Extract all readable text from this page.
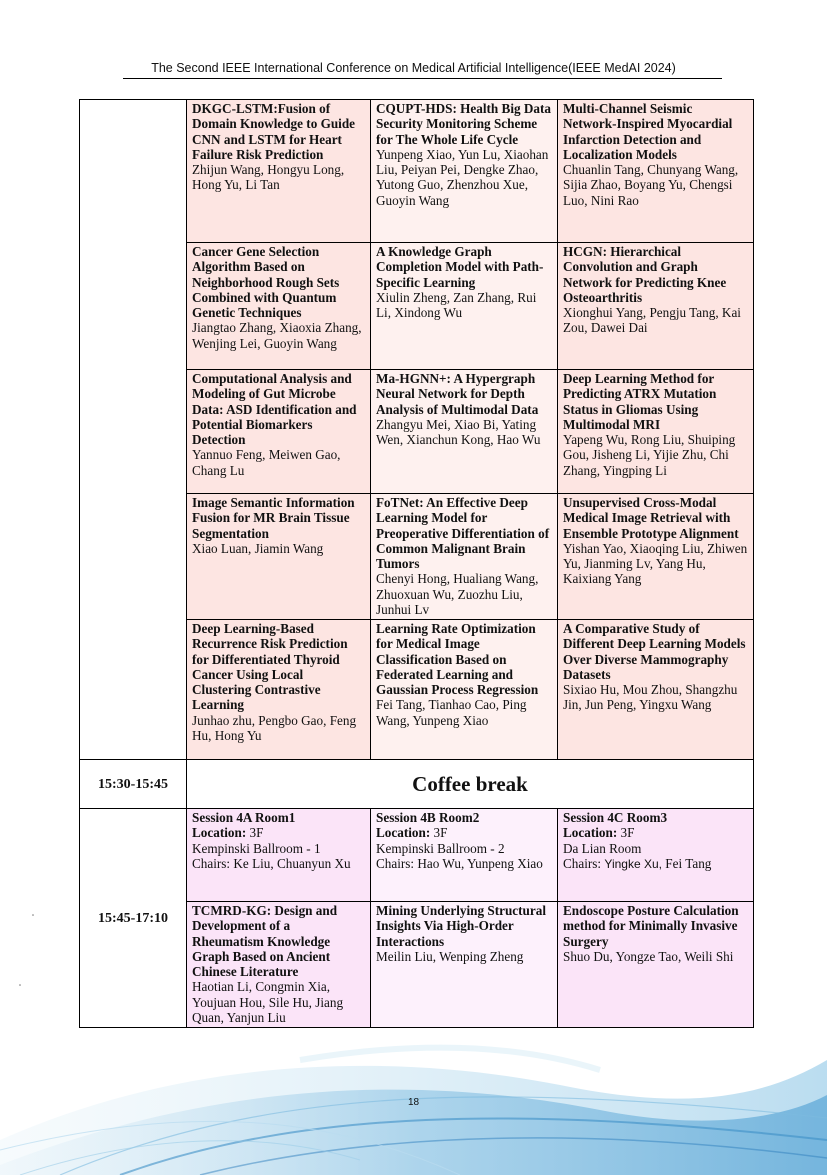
The Second IEEE International Conference on Medical Artificial Intelligence(IEEE MedAI 2024)

	DKGC-LSTM:Fusion of Domain Knowledge to Guide CNN and LSTM for Heart Failure Risk Prediction
Zhijun Wang, Hongyu Long, Hong Yu, Li Tan	CQUPT-HDS: Health Big Data Security Monitoring Scheme for The Whole Life Cycle
Yunpeng Xiao, Yun Lu, Xiaohan Liu, Peiyan Pei, Dengke Zhao, Yutong Guo, Zhenzhou Xue, Guoyin Wang	Multi-Channel Seismic Network-Inspired Myocardial Infarction Detection and Localization Models
Chuanlin Tang, Chunyang Wang, Sijia Zhao, Boyang Yu, Chengsi Luo, Nini Rao

	Cancer Gene Selection Algorithm Based on Neighborhood Rough Sets Combined with Quantum Genetic Techniques
Jiangtao Zhang, Xiaoxia Zhang, Wenjing Lei, Guoyin Wang	A Knowledge Graph Completion Model with Path-Specific Learning
Xiulin Zheng, Zan Zhang, Rui Li, Xindong Wu	HCGN: Hierarchical Convolution and Graph Network for Predicting Knee Osteoarthritis
Xionghui Yang, Pengju Tang, Kai Zou, Dawei Dai

	Computational Analysis and Modeling of Gut Microbe Data: ASD Identification and Potential Biomarkers Detection
Yannuo Feng, Meiwen Gao, Chang Lu	Ma-HGNN+: A Hypergraph Neural Network for Depth Analysis of Multimodal Data
Zhangyu Mei, Xiao Bi, Yating Wen, Xianchun Kong, Hao Wu	Deep Learning Method for Predicting ATRX Mutation Status in Gliomas Using Multimodal MRI
Yapeng Wu, Rong Liu, Shuiping Gou, Jisheng Li, Yijie Zhu, Chi Zhang, Yingping Li

	Image Semantic Information Fusion for MR Brain Tissue Segmentation
Xiao Luan, Jiamin Wang	FoTNet: An Effective Deep Learning Model for Preoperative Differentiation of Common Malignant Brain Tumors
Chenyi Hong, Hualiang Wang, Zhuoxuan Wu, Zuozhu Liu, Junhui Lv	Unsupervised Cross-Modal Medical Image Retrieval with Ensemble Prototype Alignment
Yishan Yao, Xiaoqing Liu, Zhiwen Yu, Jianming Lv, Yang Hu, Kaixiang Yang

	Deep Learning-Based Recurrence Risk Prediction for Differentiated Thyroid Cancer Using Local Clustering Contrastive Learning
Junhao zhu, Pengbo Gao, Feng Hu, Hong Yu	Learning Rate Optimization for Medical Image Classification Based on Federated Learning and Gaussian Process Regression
Fei Tang, Tianhao Cao, Ping Wang, Yunpeng Xiao	A Comparative Study of Different Deep Learning Models Over Diverse Mammography Datasets
Sixiao Hu, Mou Zhou, Shangzhu Jin, Jun Peng, Yingxu Wang

15:30-15:45	Coffee break		
15:45-17:10	Session 4A Room1
Location: 3F
Kempinski Ballroom - 1
Chairs: Ke Liu, Chuanyun Xu	Session 4B Room2
Location: 3F
Kempinski Ballroom - 2
Chairs: Hao Wu, Yunpeng Xiao	Session 4C Room3
Location: 3F
Da Lian Room
Chairs: Yingke Xu, Fei Tang

	TCMRD-KG: Design and Development of a Rheumatism Knowledge Graph Based on Ancient Chinese Literature
Haotian Li, Congmin Xia, Youjuan Hou, Sile Hu, Jiang Quan, Yanjun Liu	Mining Underlying Structural Insights Via High-Order Interactions
Meilin Liu, Wenping Zheng	Endoscope Posture Calculation method for Minimally Invasive Surgery
Shuo Du, Yongze Tao, Weili Shi
18
